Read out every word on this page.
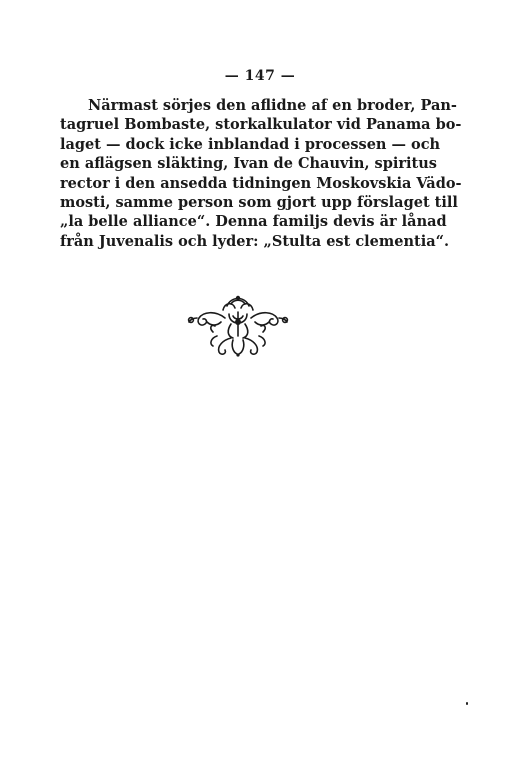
— 147 —
Närmast sörjes den aflidne af en broder, Pan-
tagruel Bombaste, storkalkulator vid Panama bo-
laget — dock icke inblandad i processen — och
en aflägsen släkting, Ivan de Chauvin, spiritus
rector i den ansedda tidningen Moskovskia Vädo-
mosti, samme person som gjort upp förslaget till
„la belle alliance“. Denna familjs devis är lånad
från Juvenalis och lyder: „Stulta est clementia“.
